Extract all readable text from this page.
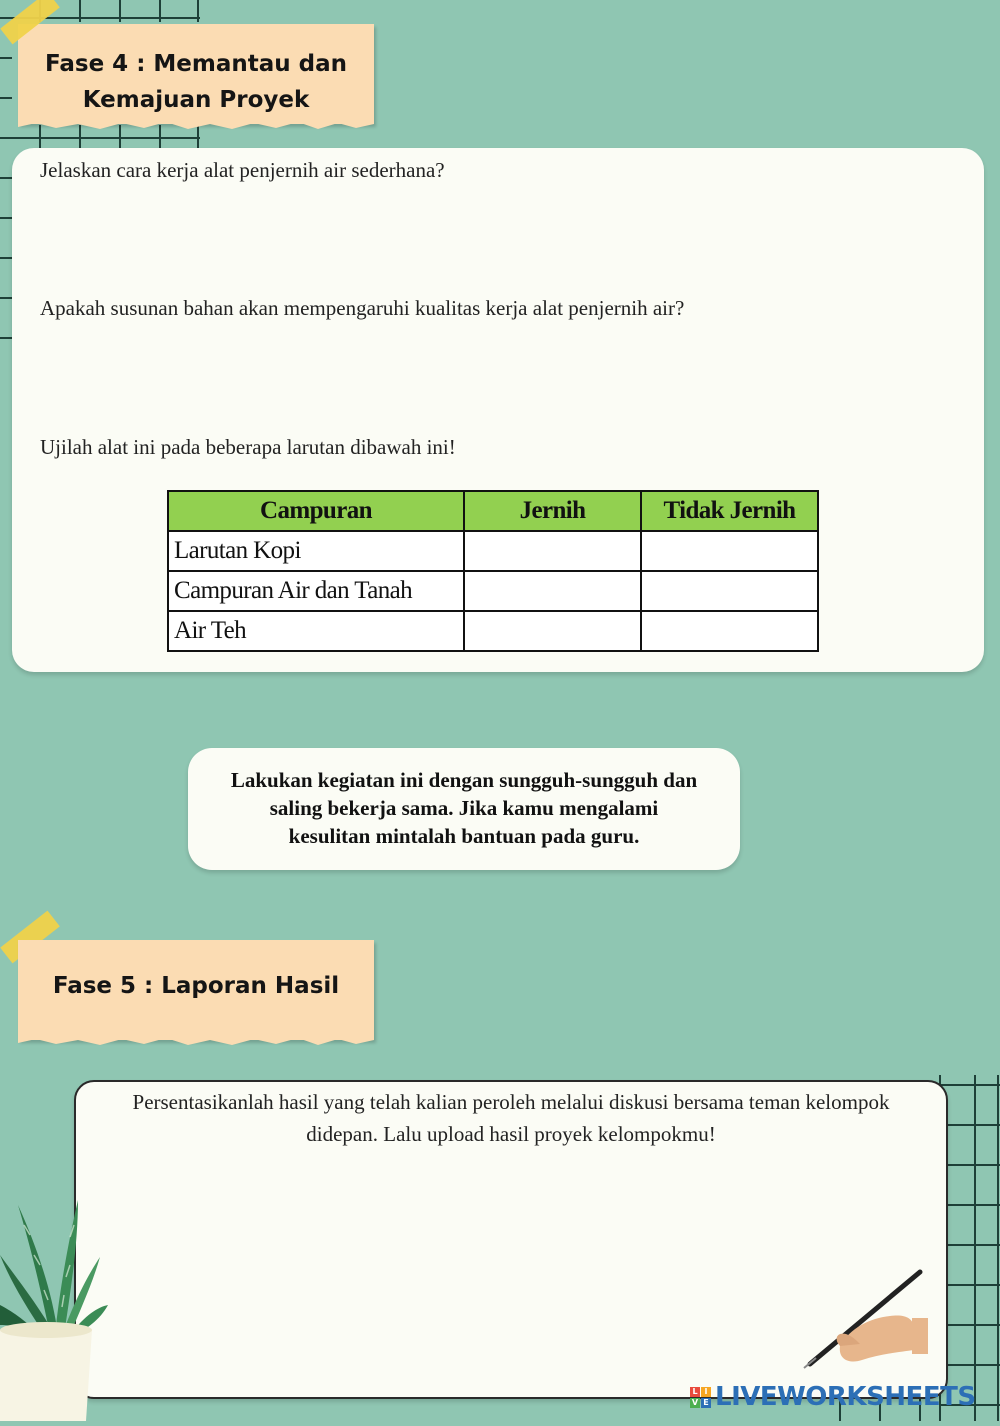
Fase 4 : Memantau dan
Kemajuan Proyek

Jelaskan cara kerja alat penjernih air sederhana?

Apakah susunan bahan akan mempengaruhi kualitas kerja alat penjernih air?

Ujilah alat ini pada beberapa larutan dibawah ini!

Campuran	Jernih	Tidak Jernih
Larutan Kopi		
Campuran Air dan Tanah		
Air Teh		

Lakukan kegiatan ini dengan sungguh-sungguh dan saling bekerja sama. Jika kamu mengalami kesulitan mintalah bantuan pada guru.

Fase 5 : Laporan Hasil

Persentasikanlah hasil yang telah kalian peroleh melalui diskusi bersama teman kelompok didepan. Lalu upload hasil proyek kelompokmu!

L I
V E LIVEWORKSHEETS
